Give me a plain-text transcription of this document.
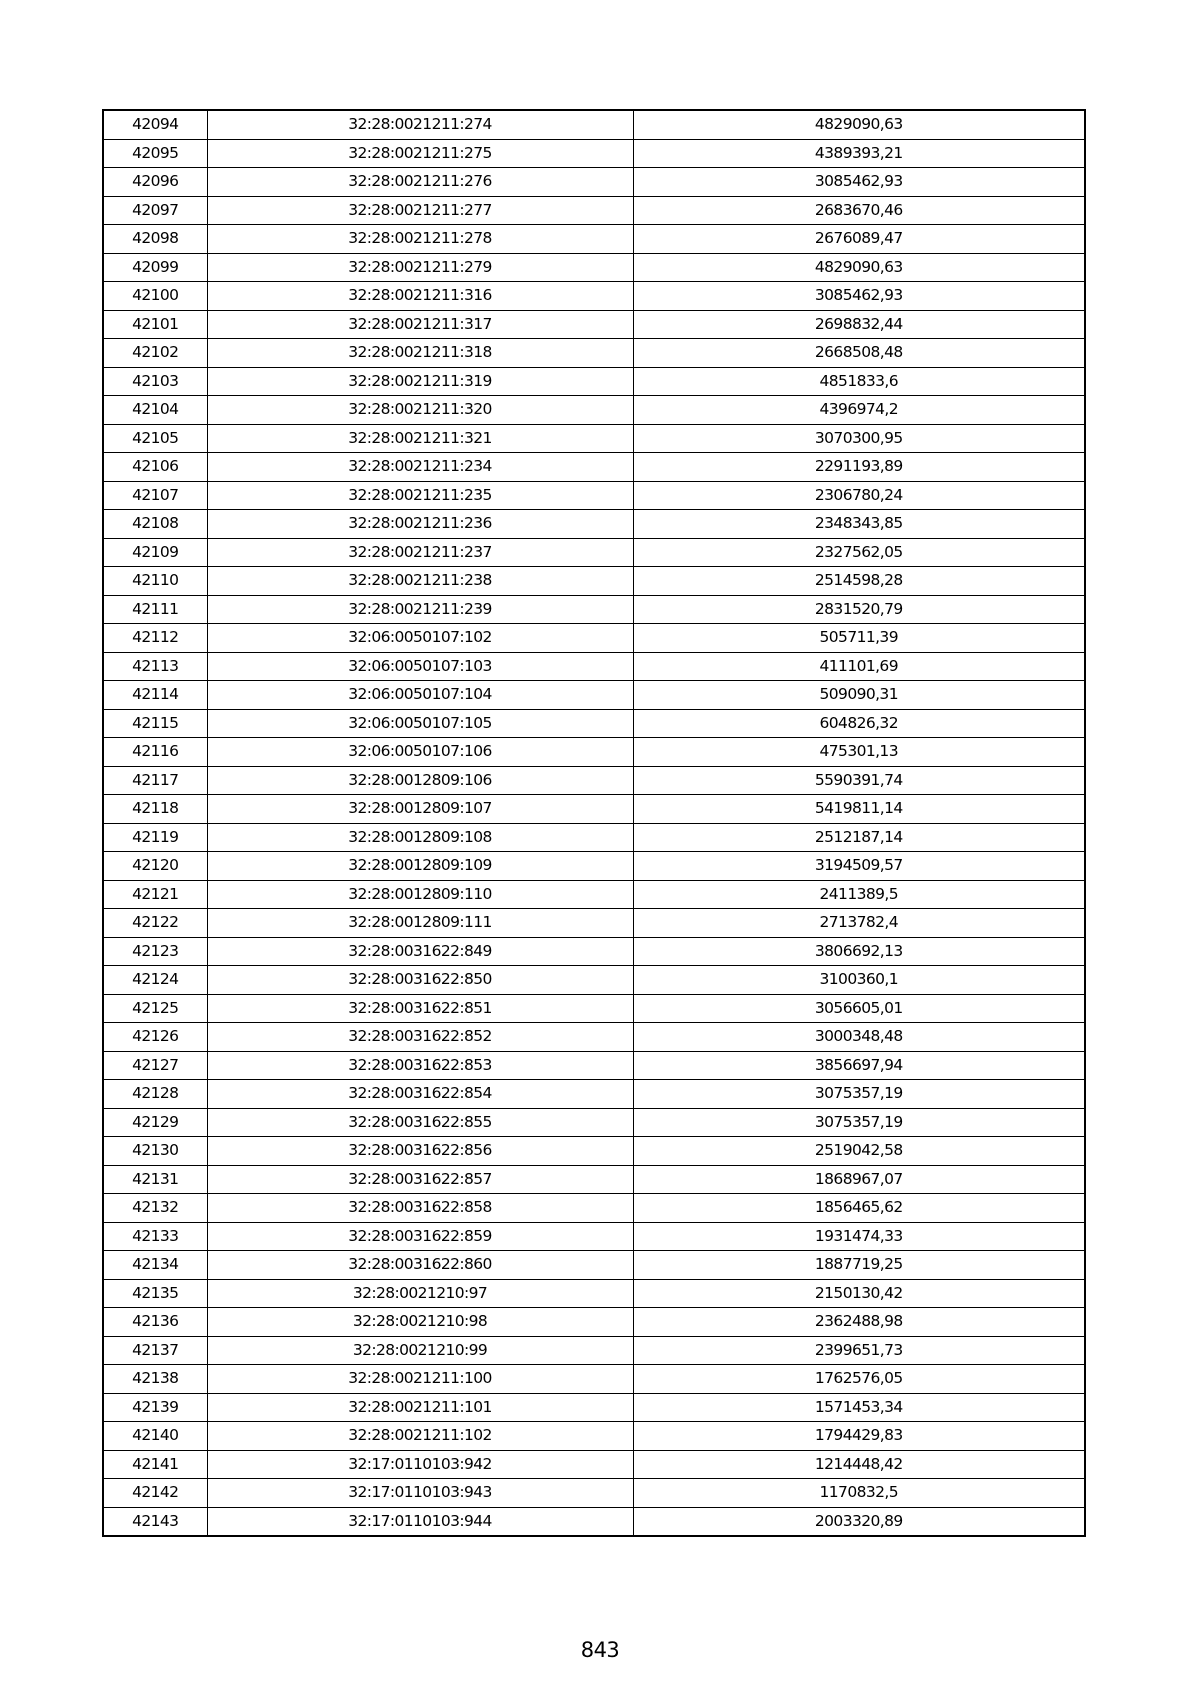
42094	32:28:0021211:274	4829090,63
42095	32:28:0021211:275	4389393,21
42096	32:28:0021211:276	3085462,93
42097	32:28:0021211:277	2683670,46
42098	32:28:0021211:278	2676089,47
42099	32:28:0021211:279	4829090,63
42100	32:28:0021211:316	3085462,93
42101	32:28:0021211:317	2698832,44
42102	32:28:0021211:318	2668508,48
42103	32:28:0021211:319	4851833,6
42104	32:28:0021211:320	4396974,2
42105	32:28:0021211:321	3070300,95
42106	32:28:0021211:234	2291193,89
42107	32:28:0021211:235	2306780,24
42108	32:28:0021211:236	2348343,85
42109	32:28:0021211:237	2327562,05
42110	32:28:0021211:238	2514598,28
42111	32:28:0021211:239	2831520,79
42112	32:06:0050107:102	505711,39
42113	32:06:0050107:103	411101,69
42114	32:06:0050107:104	509090,31
42115	32:06:0050107:105	604826,32
42116	32:06:0050107:106	475301,13
42117	32:28:0012809:106	5590391,74
42118	32:28:0012809:107	5419811,14
42119	32:28:0012809:108	2512187,14
42120	32:28:0012809:109	3194509,57
42121	32:28:0012809:110	2411389,5
42122	32:28:0012809:111	2713782,4
42123	32:28:0031622:849	3806692,13
42124	32:28:0031622:850	3100360,1
42125	32:28:0031622:851	3056605,01
42126	32:28:0031622:852	3000348,48
42127	32:28:0031622:853	3856697,94
42128	32:28:0031622:854	3075357,19
42129	32:28:0031622:855	3075357,19
42130	32:28:0031622:856	2519042,58
42131	32:28:0031622:857	1868967,07
42132	32:28:0031622:858	1856465,62
42133	32:28:0031622:859	1931474,33
42134	32:28:0031622:860	1887719,25
42135	32:28:0021210:97	2150130,42
42136	32:28:0021210:98	2362488,98
42137	32:28:0021210:99	2399651,73
42138	32:28:0021211:100	1762576,05
42139	32:28:0021211:101	1571453,34
42140	32:28:0021211:102	1794429,83
42141	32:17:0110103:942	1214448,42
42142	32:17:0110103:943	1170832,5
42143	32:17:0110103:944	2003320,89
843
